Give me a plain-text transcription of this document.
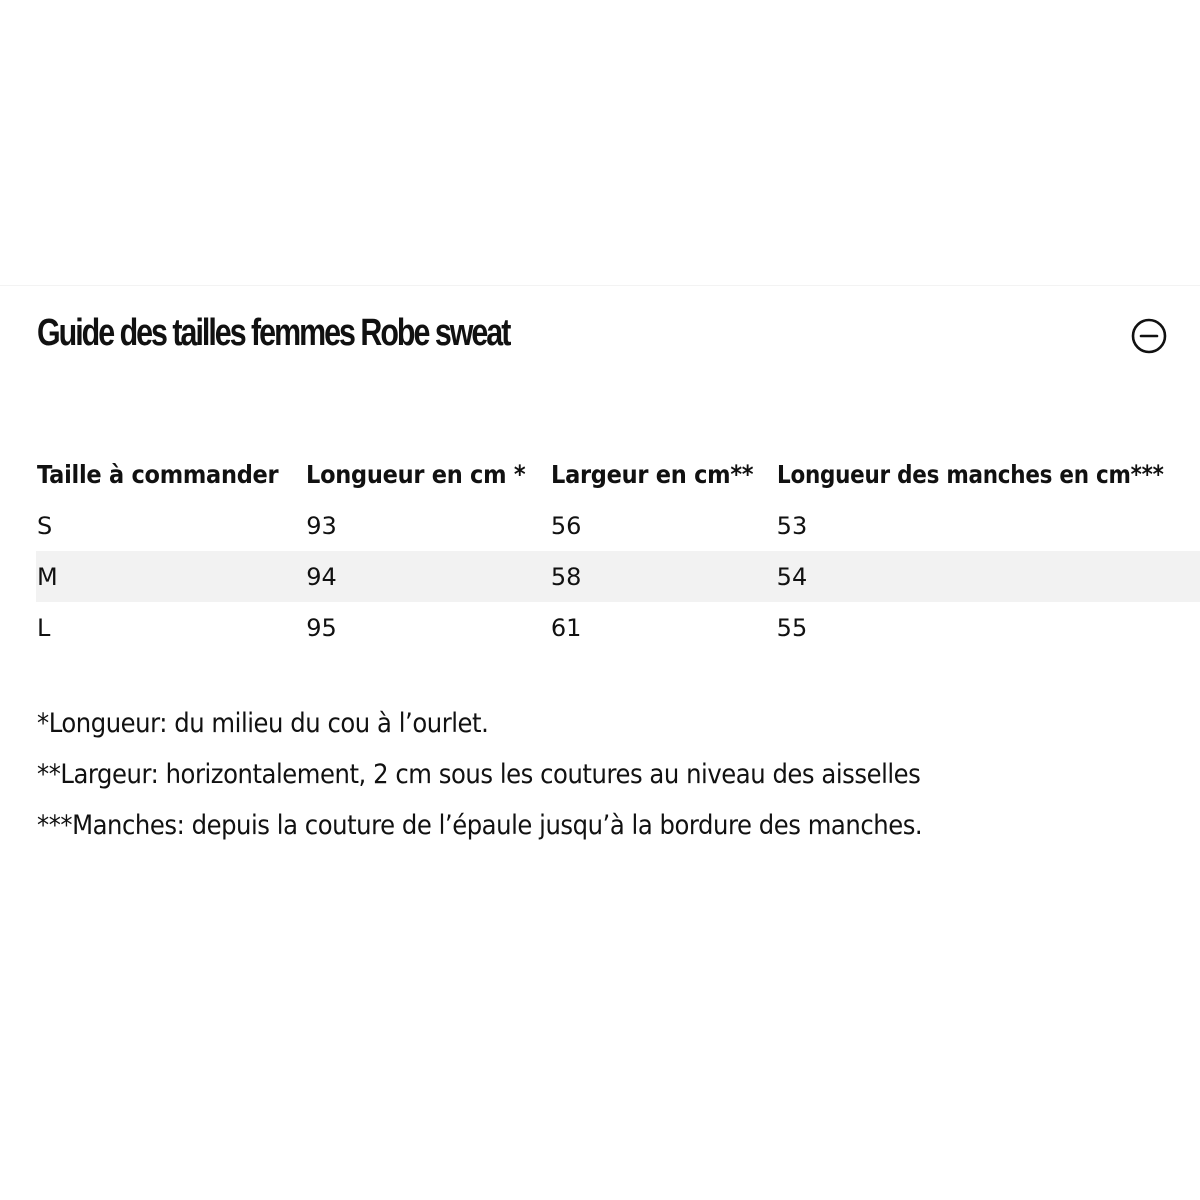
Guide des tailles femmes Robe sweat
Taille à commander	Longueur en cm *	Largeur en cm**	Longueur des manches en cm***
S	93	56	53
M	94	58	54
L	95	61	55
*Longueur: du milieu du cou à l’ourlet.
**Largeur: horizontalement, 2 cm sous les coutures au niveau des aisselles
***Manches: depuis la couture de l’épaule jusqu’à la bordure des manches.
